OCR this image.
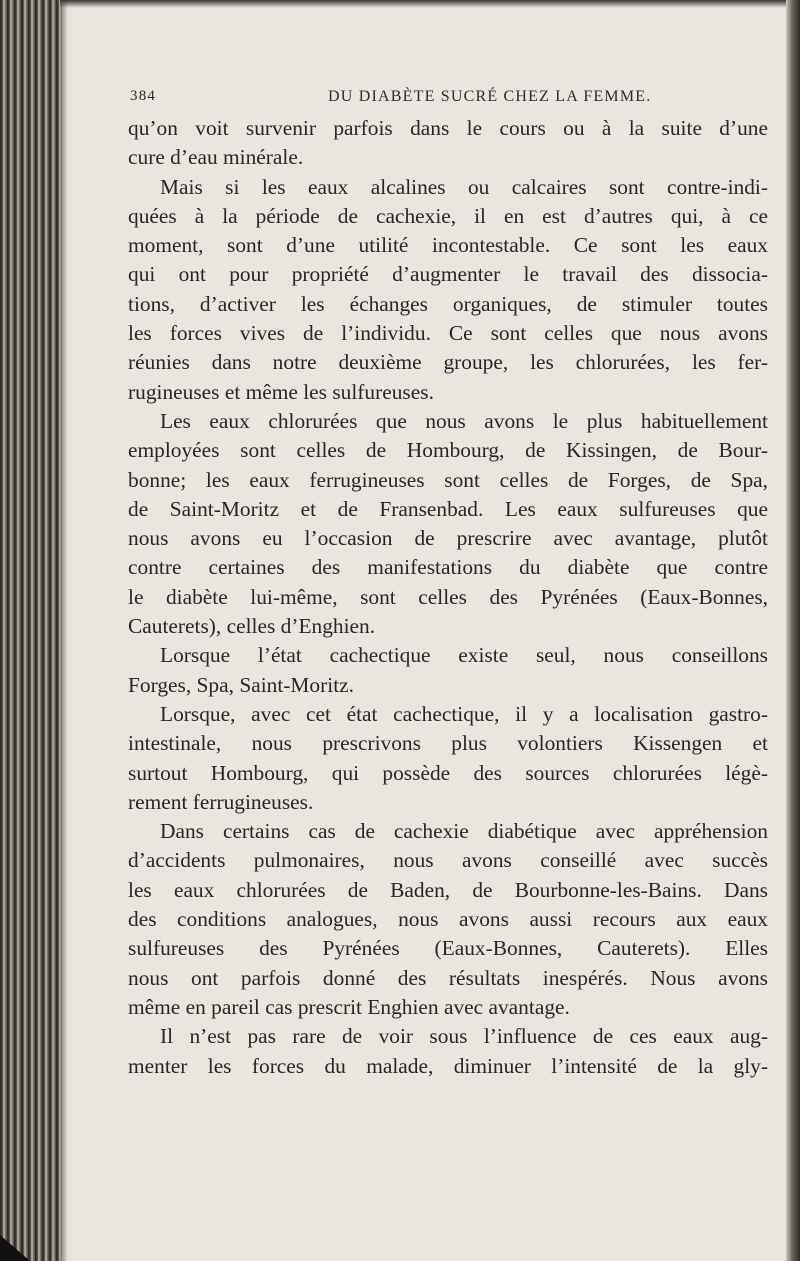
384	DU DIABÈTE SUCRÉ CHEZ LA FEMME.
qu’on voit survenir parfois dans le cours ou à la suite d’une
cure d’eau minérale.
Mais si les eaux alcalines ou calcaires sont contre-indi-
quées à la période de cachexie, il en est d’autres qui, à ce
moment, sont d’une utilité incontestable. Ce sont les eaux
qui ont pour propriété d’augmenter le travail des dissocia-
tions, d’activer les échanges organiques, de stimuler toutes
les forces vives de l’individu. Ce sont celles que nous avons
réunies dans notre deuxième groupe, les chlorurées, les fer-
rugineuses et même les sulfureuses.
Les eaux chlorurées que nous avons le plus habituellement
employées sont celles de Hombourg, de Kissingen, de Bour-
bonne; les eaux ferrugineuses sont celles de Forges, de Spa,
de Saint-Moritz et de Fransenbad. Les eaux sulfureuses que
nous avons eu l’occasion de prescrire avec avantage, plutôt
contre certaines des manifestations du diabète que contre
le diabète lui-même, sont celles des Pyrénées (Eaux-Bonnes,
Cauterets), celles d’Enghien.
Lorsque l’état cachectique existe seul, nous conseillons
Forges, Spa, Saint-Moritz.
Lorsque, avec cet état cachectique, il y a localisation gastro-
intestinale, nous prescrivons plus volontiers Kissengen et
surtout Hombourg, qui possède des sources chlorurées légè-
rement ferrugineuses.
Dans certains cas de cachexie diabétique avec appréhension
d’accidents pulmonaires, nous avons conseillé avec succès
les eaux chlorurées de Baden, de Bourbonne-les-Bains. Dans
des conditions analogues, nous avons aussi recours aux eaux
sulfureuses des Pyrénées (Eaux-Bonnes, Cauterets). Elles
nous ont parfois donné des résultats inespérés. Nous avons
même en pareil cas prescrit Enghien avec avantage.
Il n’est pas rare de voir sous l’influence de ces eaux aug-
menter les forces du malade, diminuer l’intensité de la gly-
